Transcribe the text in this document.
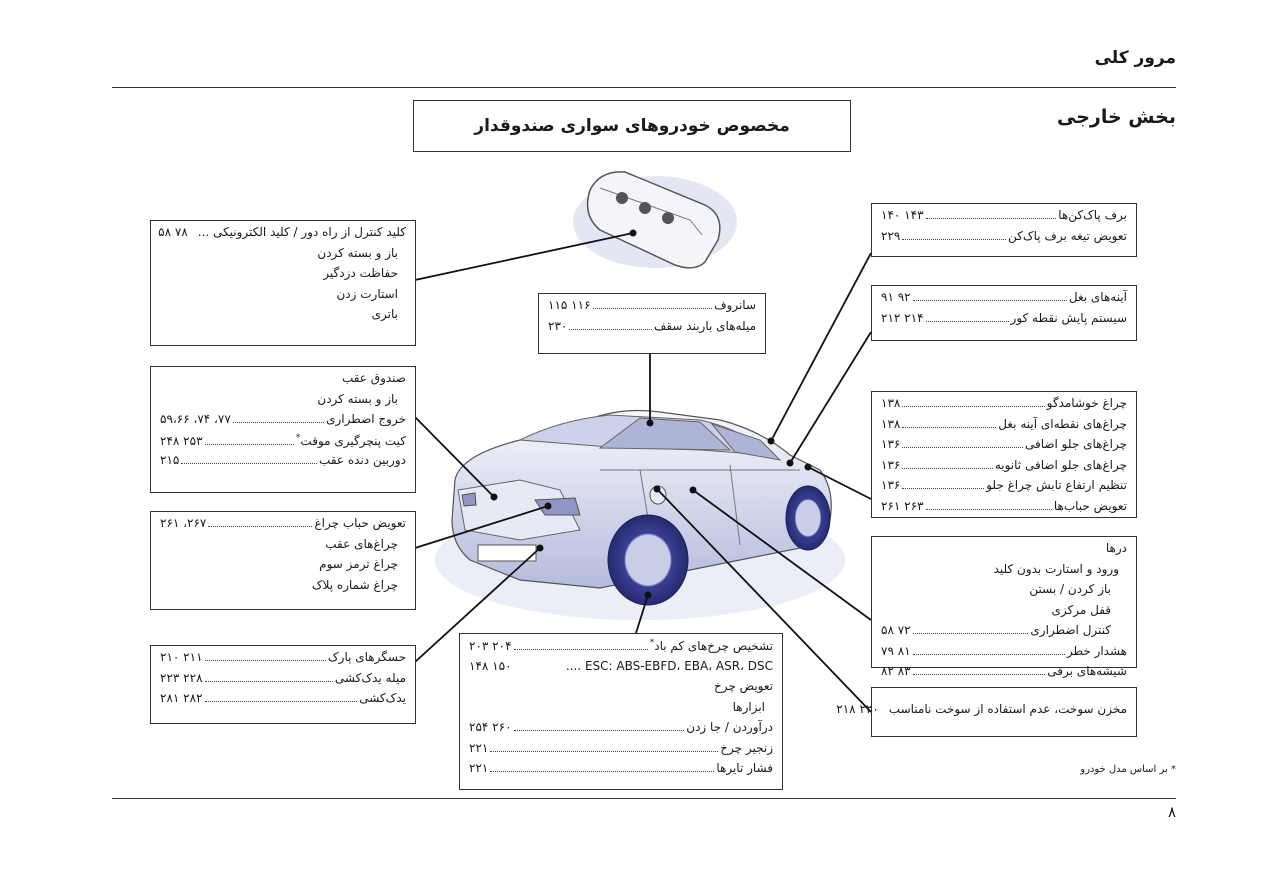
مرور کلی
بخش خارجی
مخصوص خودروهای سواری صندوقدار
کلید کنترل از راه دور / کلید الکترونیکی ...
۷۸ ۵۸
باز و بسته کردن
حفاظت دزدگیر
استارت زدن
باتری
صندوق عقب
باز و بسته کردن
خروج اضطراری
۷۷، ۷۴، ۵۹،۶۶
کیت پنچرگیری موقت *
۲۵۳ ۲۴۸
دوربین دنده عقب
۲۱۵
تعویض حباب چراغ
۲۶۷، ۲۶۱
چراغ‌های عقب
چراغ ترمز سوم
چراغ شماره پلاک
حسگرهای پارک
۲۱۱ ۲۱۰
میله یدک‌کشی
۲۲۸ ۲۲۳
یدک‌کشی
۲۸۲ ۲۸۱
سانروف
۱۱۶ ۱۱۵
میله‌های باربند سقف
۲۳۰
تشخیص چرخ‌های کم باد *
۲۰۴ ۲۰۳
ESC: ABS-EBFD، EBA، ASR، DSC ....
۱۵۰ ۱۴۸
تعویض چرخ
ابزارها
درآوردن / جا زدن
۲۶۰ ۲۵۴
زنجیر چرخ
۲۲۱
فشار تایرها
۲۲۱
برف پاک‌کن‌ها
۱۴۳ ۱۴۰
تعویض تیغه برف پاک‌کن
۲۲۹
آینه‌های بغل
۹۲ ۹۱
سیستم پایش نقطه کور
۲۱۴ ۲۱۲
چراغ خوشامدگو
۱۳۸
چراغ‌های نقطه‌ای آینه بغل
۱۳۸
چراغ‌های جلو اضافی
۱۳۶
چراغ‌های جلو اضافی ثانویه
۱۳۶
تنظیم ارتفاع تابش چراغ جلو
۱۳۶
تعویض حباب‌ها
۲۶۳ ۲۶۱
درها
ورود و استارت بدون کلید
باز کردن / بستن
قفل مرکزی
کنترل اضطراری
۷۲ ۵۸
هشدار خطر
۸۱ ۷۹
شیشه‌های برقی
۸۳ ۸۲
مخزن سوخت، عدم استفاده از سوخت نامناسب
۲۲۰ ۲۱۸
* بر اساس مدل خودرو
۸
